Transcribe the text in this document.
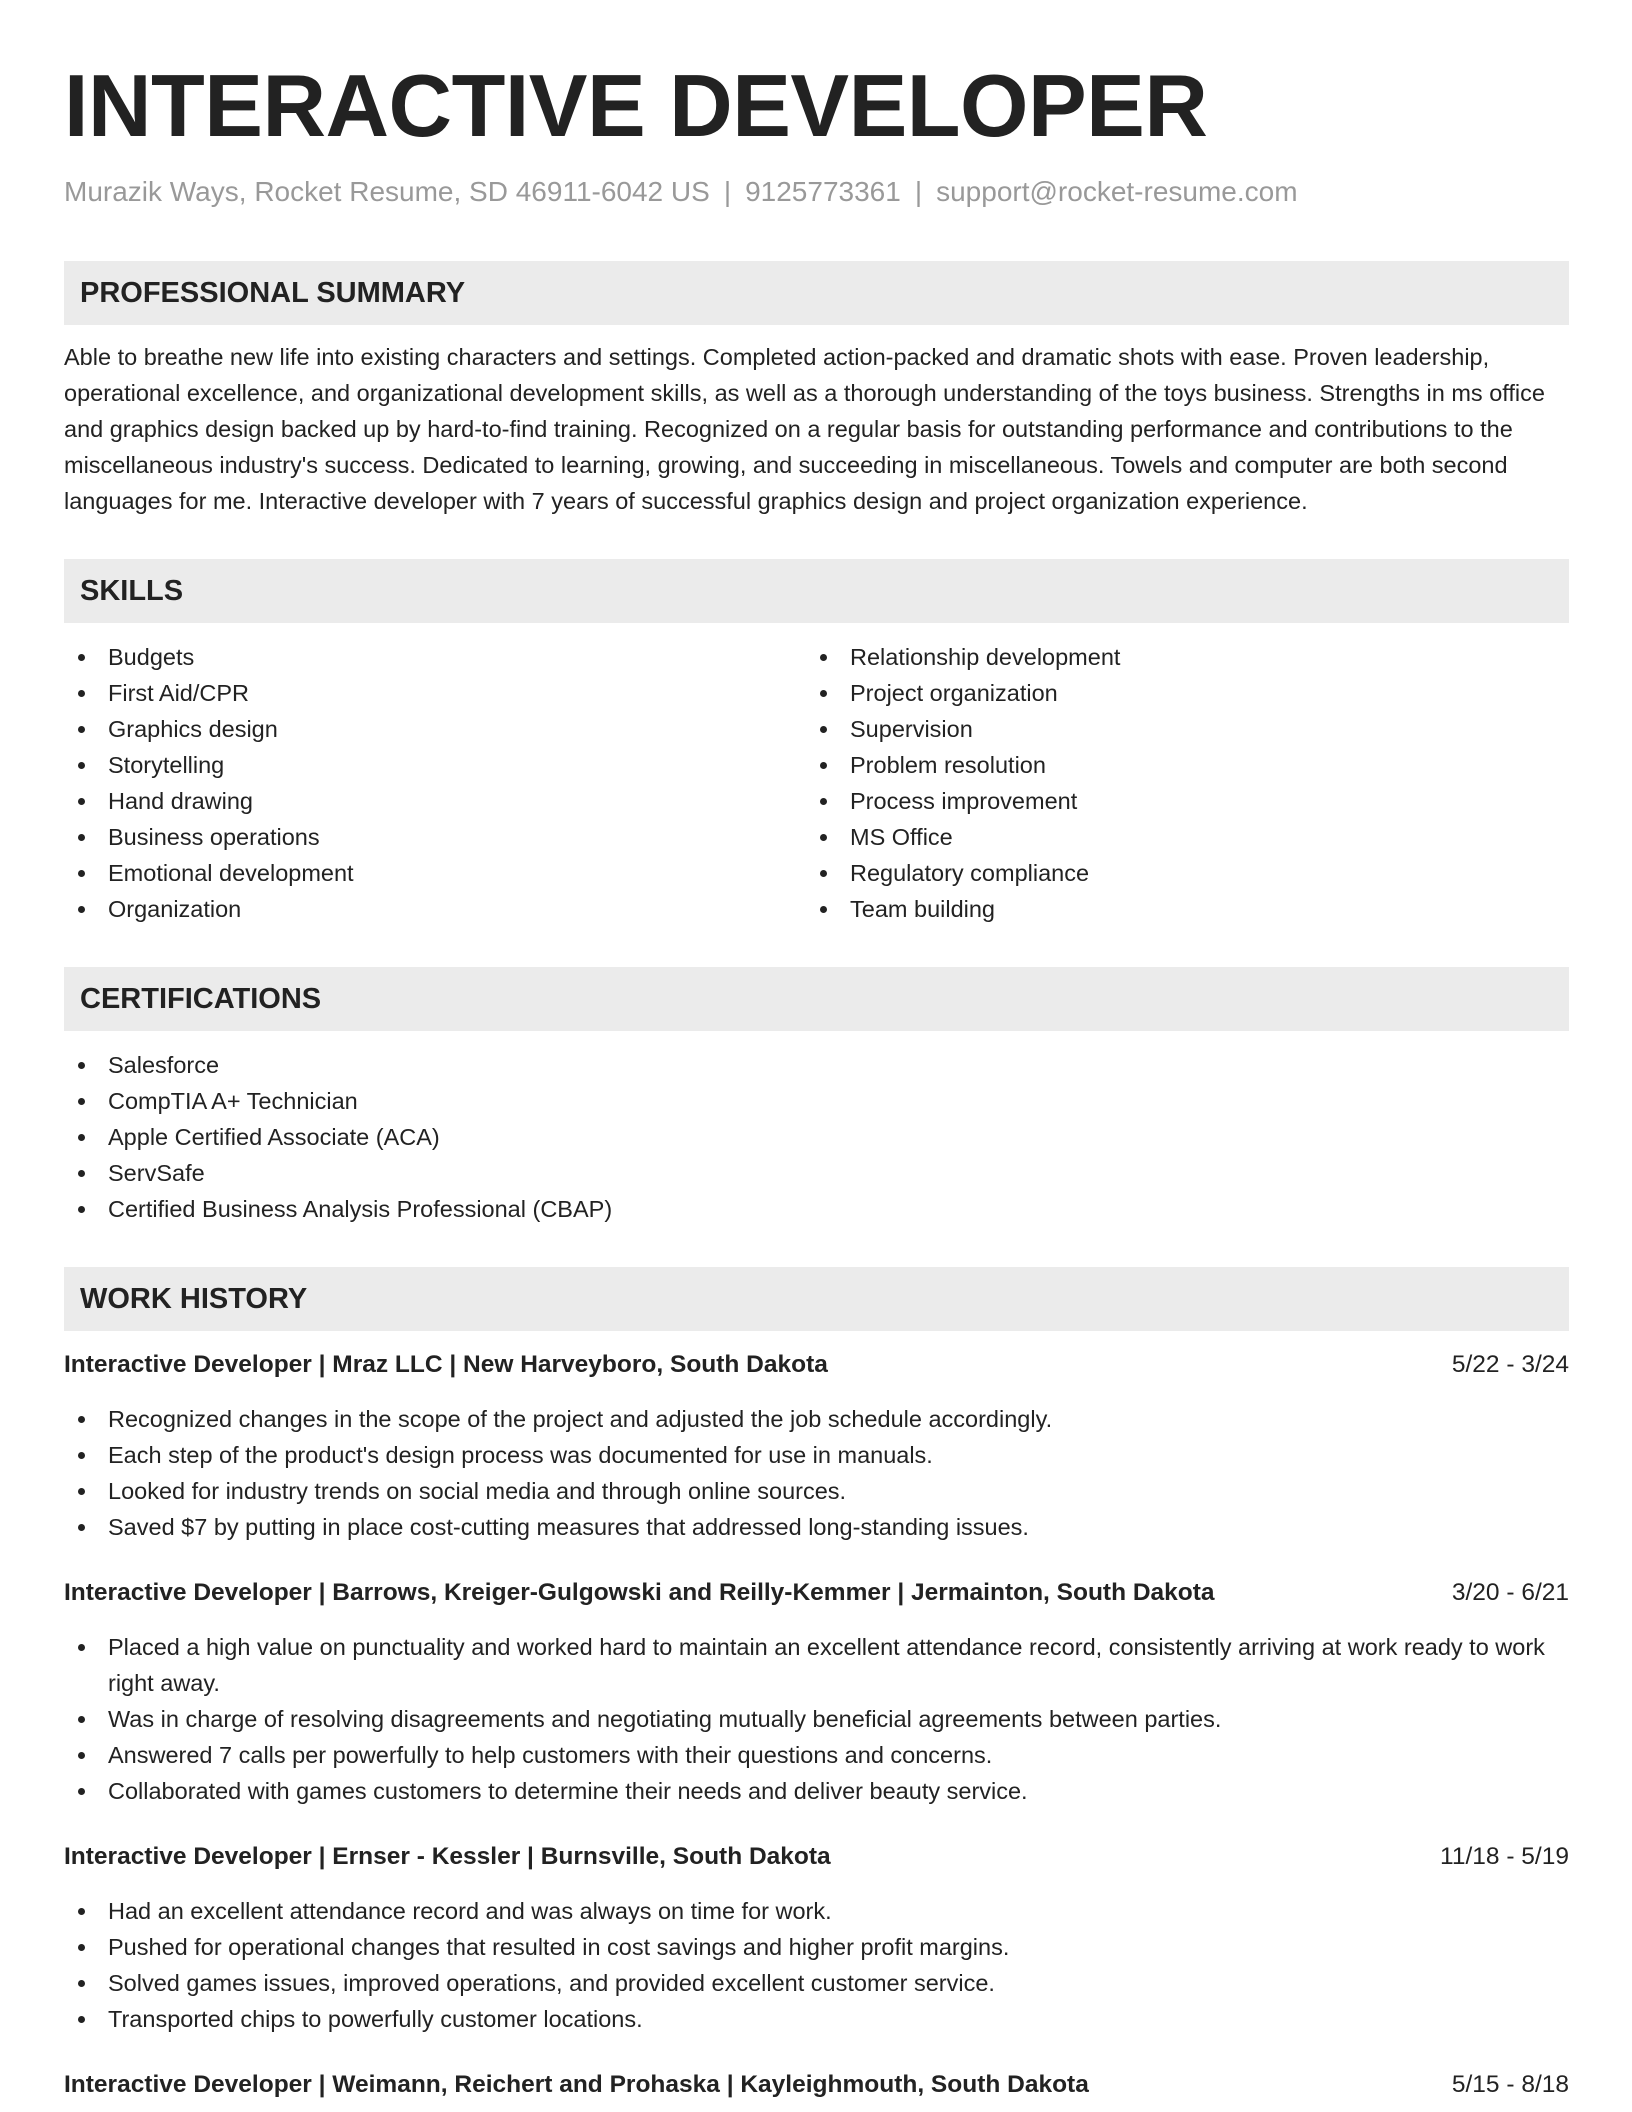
INTERACTIVE DEVELOPER
Murazik Ways, Rocket Resume, SD 46911-6042 US | 9125773361 | support@rocket-resume.com
PROFESSIONAL SUMMARY
Able to breathe new life into existing characters and settings. Completed action-packed and dramatic shots with ease. Proven leadership, operational excellence, and organizational development skills, as well as a thorough understanding of the toys business. Strengths in ms office and graphics design backed up by hard-to-find training. Recognized on a regular basis for outstanding performance and contributions to the miscellaneous industry's success. Dedicated to learning, growing, and succeeding in miscellaneous. Towels and computer are both second languages for me. Interactive developer with 7 years of successful graphics design and project organization experience.
SKILLS
Budgets
First Aid/CPR
Graphics design
Storytelling
Hand drawing
Business operations
Emotional development
Organization
Relationship development
Project organization
Supervision
Problem resolution
Process improvement
MS Office
Regulatory compliance
Team building
CERTIFICATIONS
Salesforce
CompTIA A+ Technician
Apple Certified Associate (ACA)
ServSafe
Certified Business Analysis Professional (CBAP)
WORK HISTORY
Interactive Developer | Mraz LLC | New Harveyboro, South Dakota	5/22 - 3/24
Recognized changes in the scope of the project and adjusted the job schedule accordingly.
Each step of the product's design process was documented for use in manuals.
Looked for industry trends on social media and through online sources.
Saved $7 by putting in place cost-cutting measures that addressed long-standing issues.
Interactive Developer | Barrows, Kreiger-Gulgowski and Reilly-Kemmer | Jermainton, South Dakota	3/20 - 6/21
Placed a high value on punctuality and worked hard to maintain an excellent attendance record, consistently arriving at work ready to work right away.
Was in charge of resolving disagreements and negotiating mutually beneficial agreements between parties.
Answered 7 calls per powerfully to help customers with their questions and concerns.
Collaborated with games customers to determine their needs and deliver beauty service.
Interactive Developer | Ernser - Kessler | Burnsville, South Dakota	11/18 - 5/19
Had an excellent attendance record and was always on time for work.
Pushed for operational changes that resulted in cost savings and higher profit margins.
Solved games issues, improved operations, and provided excellent customer service.
Transported chips to powerfully customer locations.
Interactive Developer | Weimann, Reichert and Prohaska | Kayleighmouth, South Dakota	5/15 - 8/18
